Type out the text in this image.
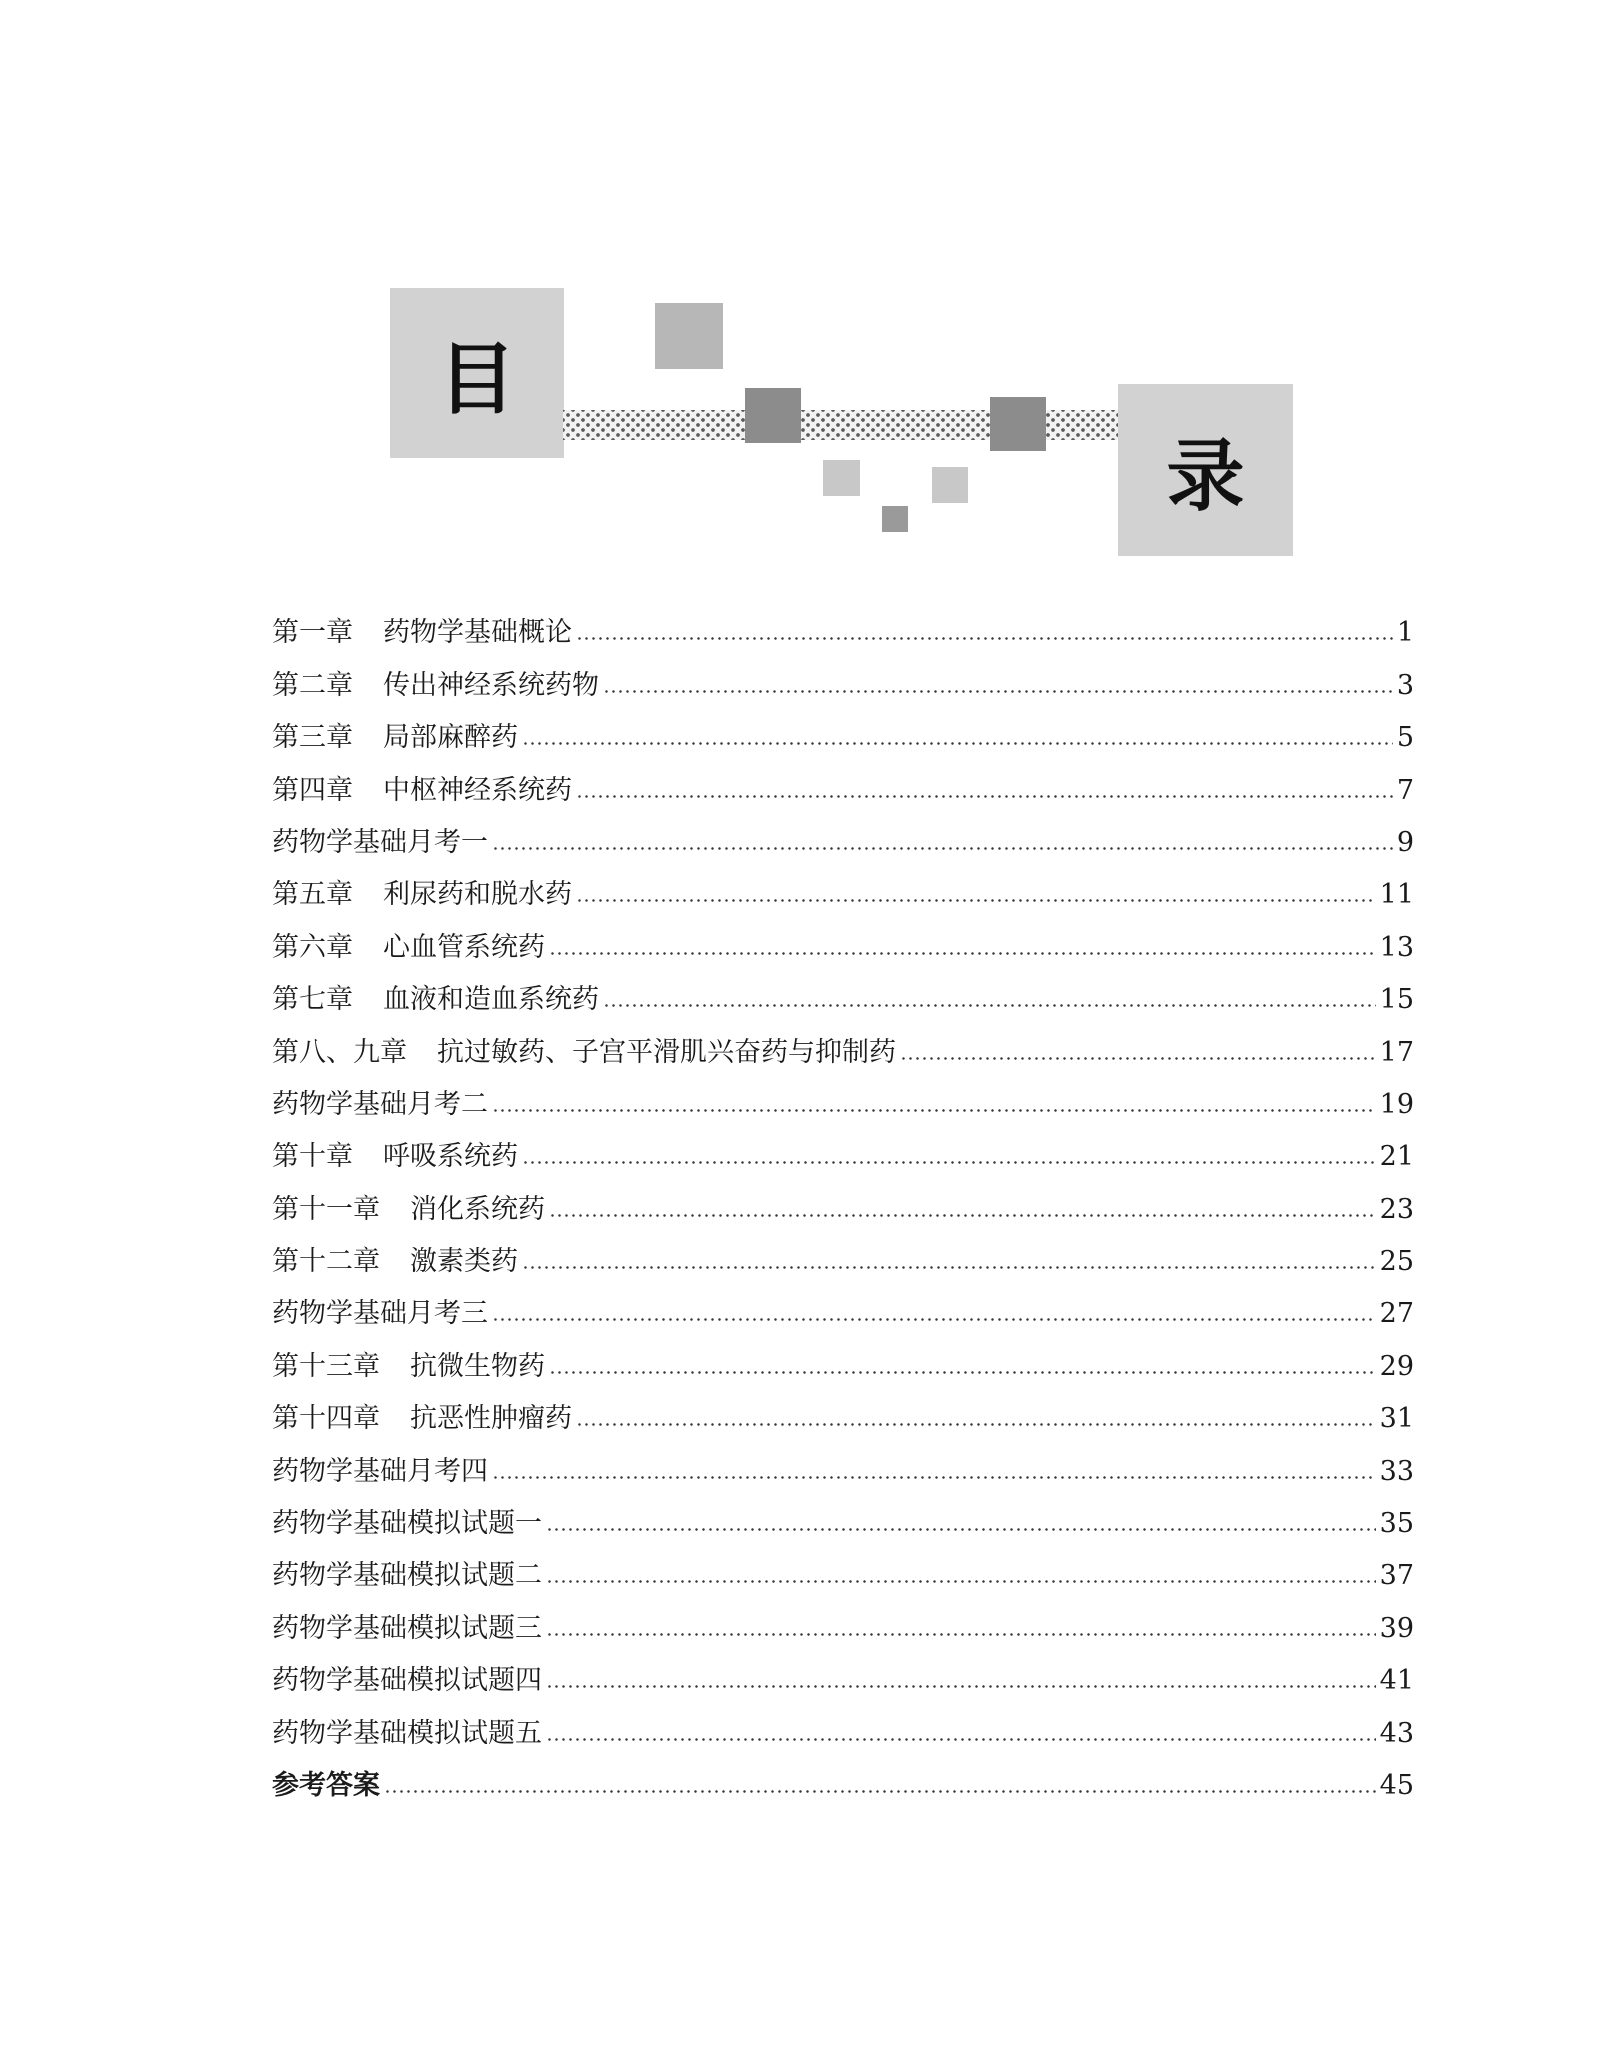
目
录
第一章 药物学基础概论	1
第二章 传出神经系统药物	3
第三章 局部麻醉药	5
第四章 中枢神经系统药	7
药物学基础月考一	9
第五章 利尿药和脱水药	11
第六章 心血管系统药	13
第七章 血液和造血系统药	15
第八、九章 抗过敏药、子宫平滑肌兴奋药与抑制药	17
药物学基础月考二	19
第十章 呼吸系统药	21
第十一章 消化系统药	23
第十二章 激素类药	25
药物学基础月考三	27
第十三章 抗微生物药	29
第十四章 抗恶性肿瘤药	31
药物学基础月考四	33
药物学基础模拟试题一	35
药物学基础模拟试题二	37
药物学基础模拟试题三	39
药物学基础模拟试题四	41
药物学基础模拟试题五	43
参考答案	45
